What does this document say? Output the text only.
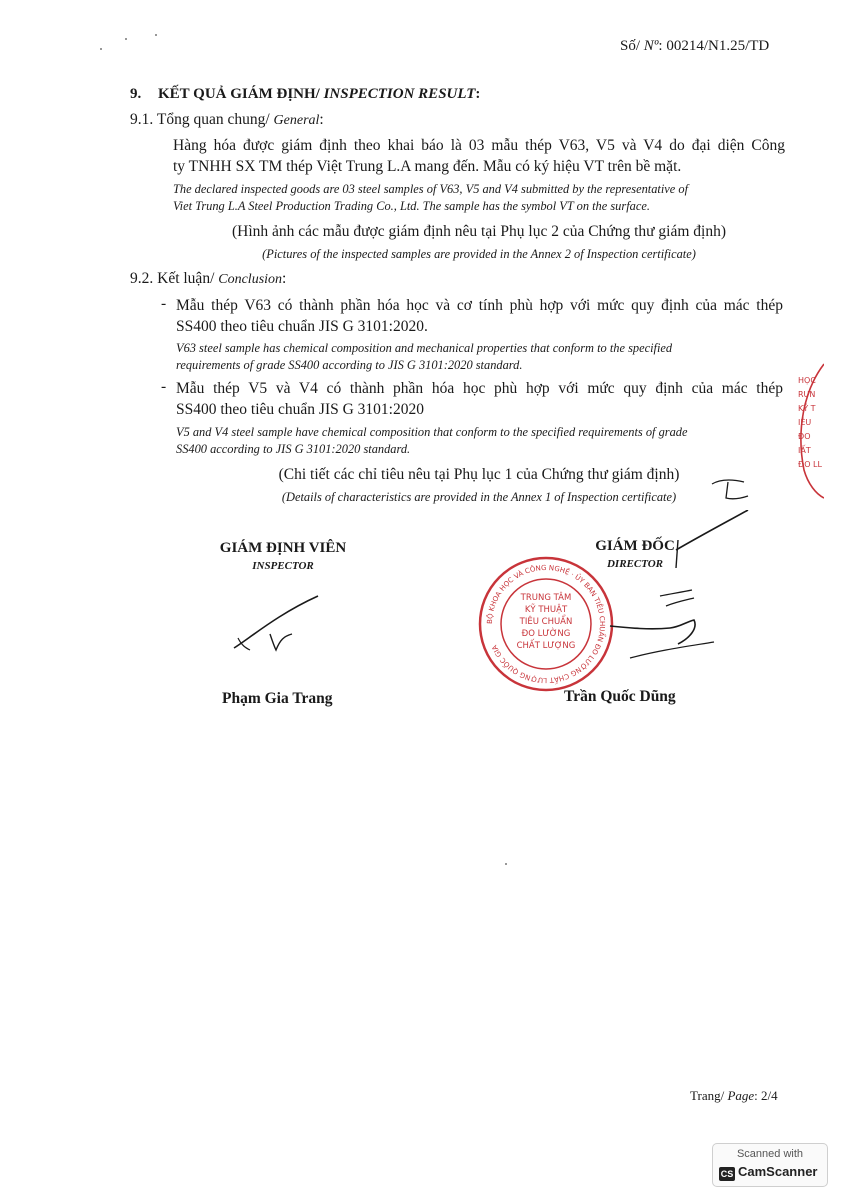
Số/ Nº: 00214/N1.25/TD
9. KẾT QUẢ GIÁM ĐỊNH/ INSPECTION RESULT:
9.1. Tổng quan chung/ General:
Hàng hóa được giám định theo khai báo là 03 mẫu thép V63, V5 và V4 do đại diện Công
ty TNHH SX TM thép Việt Trung L.A mang đến. Mẫu có ký hiệu VT trên bề mặt.
The declared inspected goods are 03 steel samples of V63, V5 and V4 submitted by the representative of
Viet Trung L.A Steel Production Trading Co., Ltd. The sample has the symbol VT on the surface.
(Hình ảnh các mẫu được giám định nêu tại Phụ lục 2 của Chứng thư giám định)
(Pictures of the inspected samples are provided in the Annex 2 of Inspection certificate)
9.2. Kết luận/ Conclusion:
- Mẫu thép V63 có thành phần hóa học và cơ tính phù hợp với mức quy định của mác thép
SS400 theo tiêu chuẩn JIS G 3101:2020.
V63 steel sample has chemical composition and mechanical properties that conform to the specified
requirements of grade SS400 according to JIS G 3101:2020 standard.
- Mẫu thép V5 và V4 có thành phần hóa học phù hợp với mức quy định của mác thép
SS400 theo tiêu chuẩn JIS G 3101:2020
V5 and V4 steel sample have chemical composition that conform to the specified requirements of grade
SS400 according to JIS G 3101:2020 standard.
(Chi tiết các chỉ tiêu nêu tại Phụ lục 1 của Chứng thư giám định)
(Details of characteristics are provided in the Annex 1 of Inspection certificate)
GIÁM ĐỊNH VIÊN
INSPECTOR
Phạm Gia Trang
GIÁM ĐỐC
DIRECTOR
BỘ KHOA HỌC VÀ CÔNG NGHỆ · ỦY BAN TIÊU CHUẨN ĐO LƯỜNG CHẤT LƯỢNG QUỐC GIA
TRUNG TÂM
KỸ THUẬT
TIÊU CHUẨN
ĐO LƯỜNG
CHẤT LƯỢNG
Trần Quốc Dũng
HỌC
RUN
KỸ T
IÊU
ĐO
IẤT
ĐO LL
Trang/ Page: 2/4
Scanned with
CS CamScanner
